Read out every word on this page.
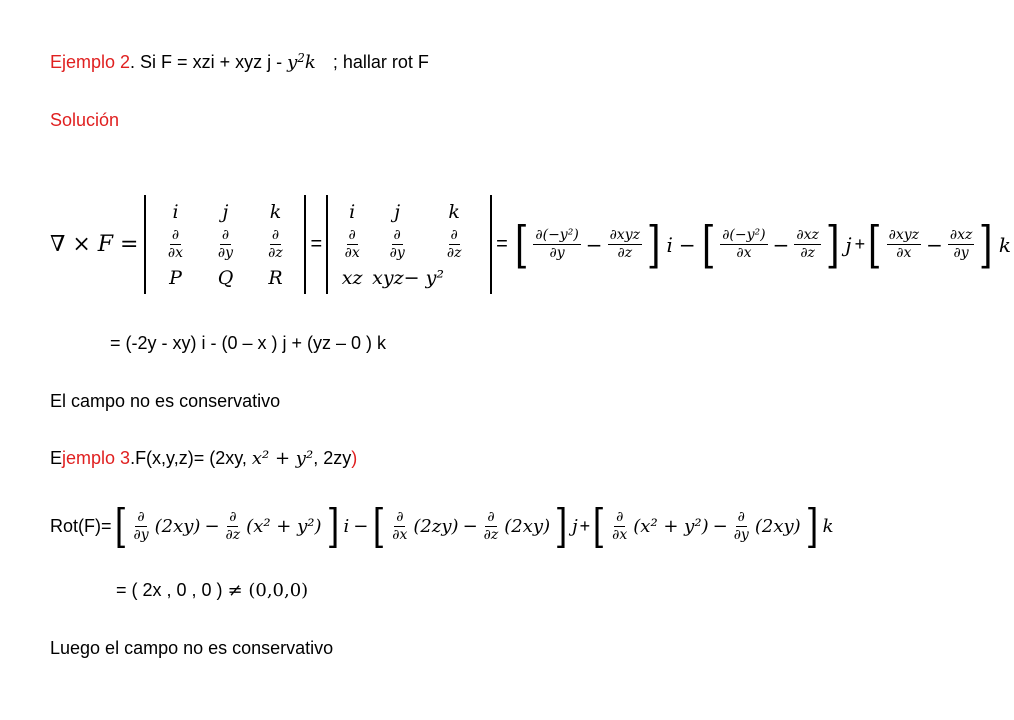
Ejemplo 2. Si F = xzi + xyz j - $y^2k$ ; hallar rot F
Solución
∇ × F =
i j k
$\frac{\partial}{\partial x} \frac{\partial}{\partial y} \frac{\partial}{\partial z}$
P Q R
=
i j	k
$\frac{\partial}{\partial x} \frac{\partial}{\partial y}$	$\frac{\partial}{\partial z}$
xz xyz− y²
= [ $\frac{\text{∂(−y²)}}{\partial y} - \frac{\text{∂xyz}}{\partial z}$ ] i − [ $\frac{\text{∂(−y²)}}{\partial x} - \frac{\partial xz}{\partial z}$ ] j + [ $\frac{\text{∂xyz}}{\partial x} - \frac{\partial xz}{\partial y}$ ] k
= (-2y - xy) i - (0 – x ) j + (yz – 0 ) k
El campo no es conservativo
Ejemplo 3.F(x,y,z)= (2xy, x² + y², 2zy)
Rot(F)= [ $\frac{\partial}{\partial y} (2xy) - \frac{\partial}{\partial z} (x^2 + y^2)$ ] i − [ $\frac{\partial}{\partial x} (2zy) - \frac{\partial}{\partial z} (2xy)$ ] j + [ $\frac{\partial}{\partial x} (x^2 + y^2) - \frac{\partial}{\partial y} (2xy)$ ] k
= ( 2x , 0 , 0 ) ≠ (0,0,0)
Luego el campo no es conservativo
